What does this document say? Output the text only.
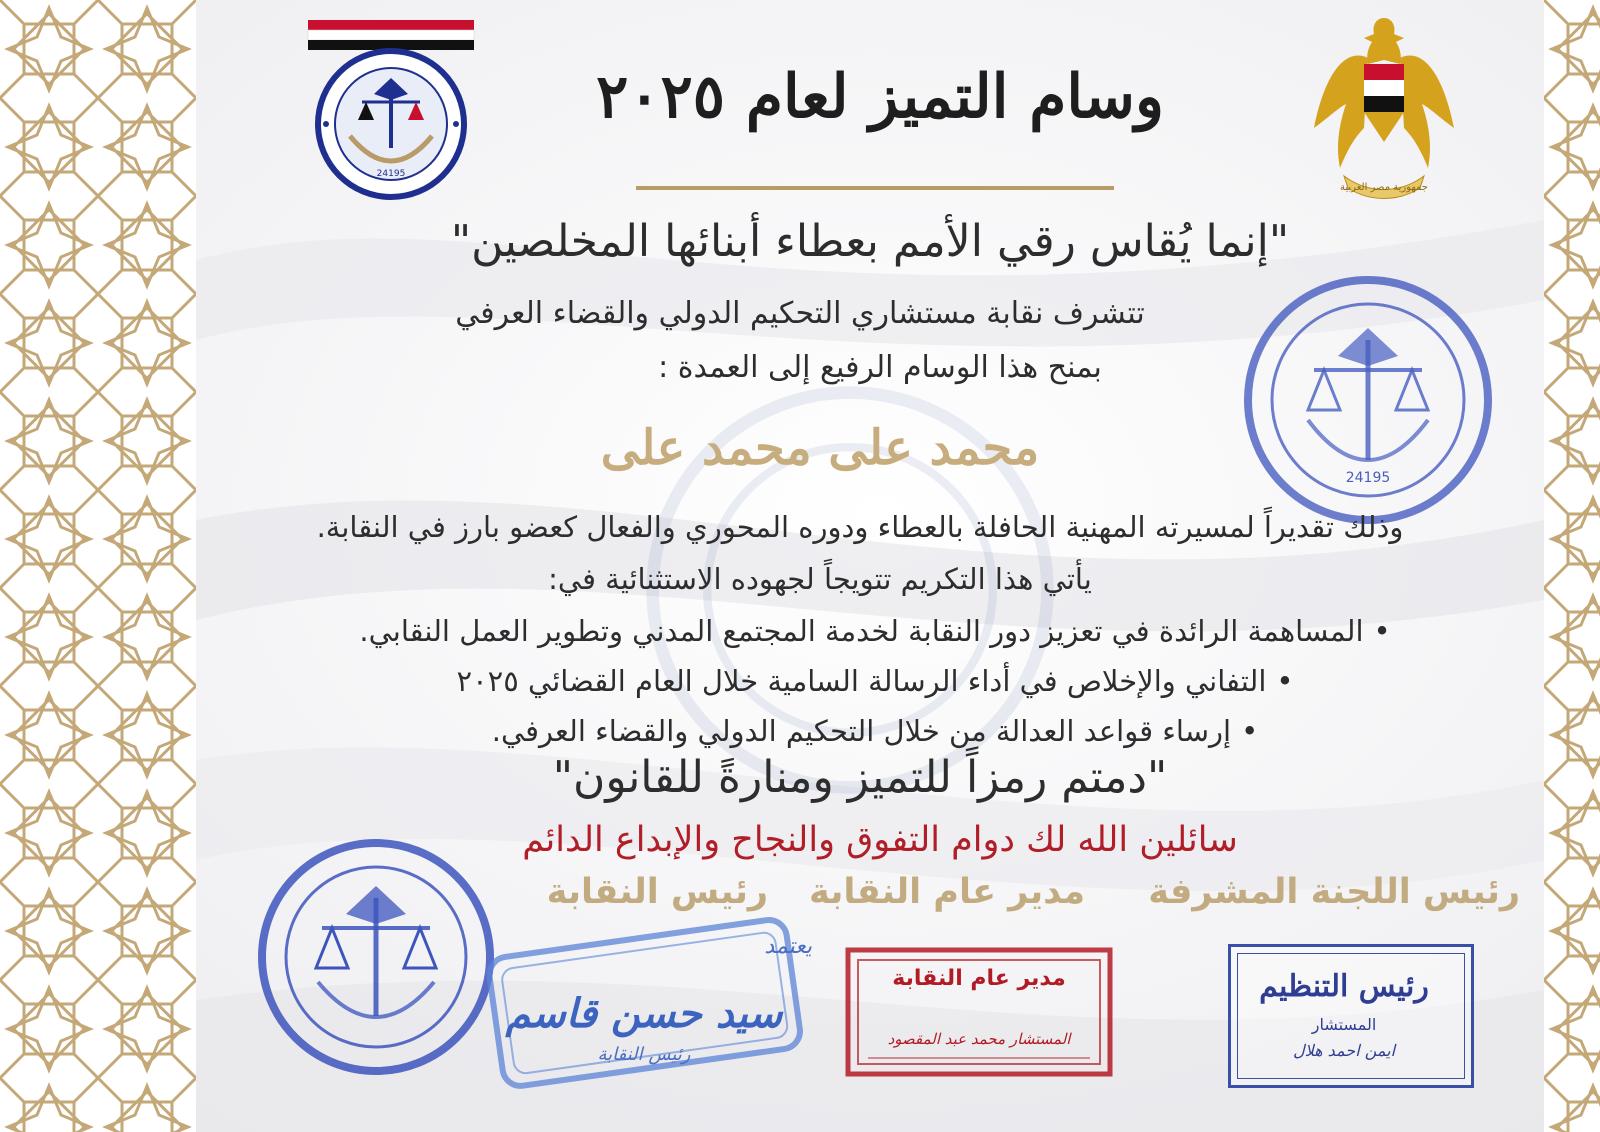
24195
جمهورية مصر العربية
24195
وسام التميز لعام ٢٠٢٥
"إنما يُقاس رقي الأمم بعطاء أبنائها المخلصين"
تتشرف نقابة مستشاري التحكيم الدولي والقضاء العرفي
بمنح هذا الوسام الرفيع إلى العمدة :
محمد على محمد على
وذلك تقديراً لمسيرته المهنية الحافلة بالعطاء ودوره المحوري والفعال كعضو بارز في النقابة.
يأتي هذا التكريم تتويجاً لجهوده الاستثنائية في:
•المساهمة الرائدة في تعزيز دور النقابة لخدمة المجتمع المدني وتطوير العمل النقابي.
•التفاني والإخلاص في أداء الرسالة السامية خلال العام القضائي ٢٠٢٥
•إرساء قواعد العدالة من خلال التحكيم الدولي والقضاء العرفي.
"دمتم رمزاً للتميز ومنارةً للقانون"
سائلين الله لك دوام التفوق والنجاح والإبداع الدائم
رئيس اللجنة المشرفة
مدير عام النقابة
رئيس النقابة
يعتمد
سيد حسن قاسم
رئيس النقابة
مدير عام النقابة
المستشار محمد عبد المقصود
رئيس التنظيم
المستشار
ايمن احمد هلال
